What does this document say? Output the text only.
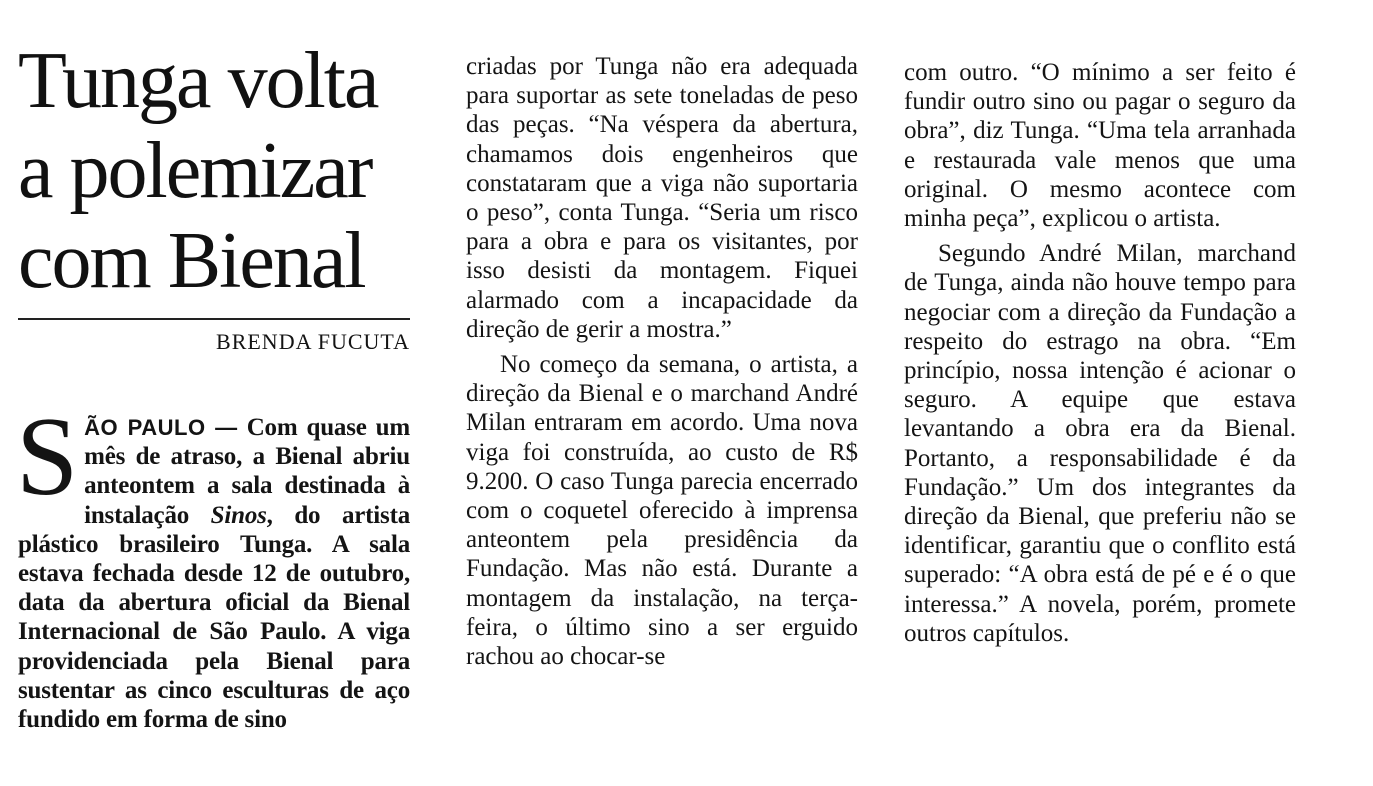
Tunga volta
a polemizar
com Bienal
BRENDA FUCUTA

S ÃO PAULO — Com quase um mês de atraso, a Bienal abriu anteontem a sala destinada à instalação Sinos, do artista plástico brasileiro Tunga. A sala estava fechada desde 12 de outubro, data da abertura oficial da Bienal Internacional de São Paulo. A viga providenciada pela Bienal para sustentar as cinco esculturas de aço fundido em forma de sino

criadas por Tunga não era adequada para suportar as sete toneladas de peso das peças. “Na véspera da abertura, chamamos dois engenheiros que constataram que a viga não suportaria o peso”, conta Tunga. “Seria um risco para a obra e para os visitantes, por isso desisti da montagem. Fiquei alarmado com a incapacidade da direção de gerir a mostra.”

No começo da semana, o artista, a direção da Bienal e o marchand André Milan entraram em acordo. Uma nova viga foi construída, ao custo de R$ 9.200. O caso Tunga parecia encerrado com o coquetel oferecido à imprensa anteontem pela presidência da Fundação. Mas não está. Durante a montagem da instalação, na terça-feira, o último sino a ser erguido rachou ao chocar-se

com outro. “O mínimo a ser feito é fundir outro sino ou pagar o seguro da obra”, diz Tunga. “Uma tela arranhada e restaurada vale menos que uma original. O mesmo acontece com minha peça”, explicou o artista.

Segundo André Milan, marchand de Tunga, ainda não houve tempo para negociar com a direção da Fundação a respeito do estrago na obra. “Em princípio, nossa intenção é acionar o seguro. A equipe que estava levantando a obra era da Bienal. Portanto, a responsabilidade é da Fundação.” Um dos integrantes da direção da Bienal, que preferiu não se identificar, garantiu que o conflito está superado: “A obra está de pé e é o que interessa.” A novela, porém, promete outros capítulos.
